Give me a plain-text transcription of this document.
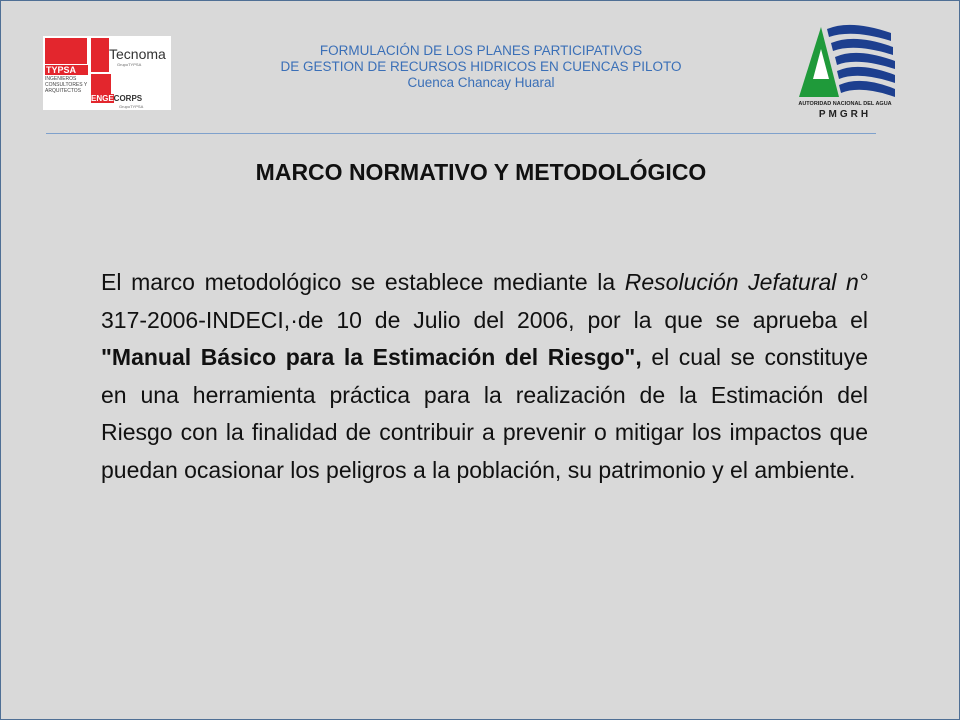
TYPSA
INGENIEROS CONSULTORES Y ARQUITECTOS
Tecnoma
GrupoTYPSA
ENGECORPS
GrupoTYPSA
FORMULACIÓN DE LOS PLANES PARTICIPATIVOS
DE GESTION DE RECURSOS HIDRICOS EN CUENCAS PILOTO
Cuenca Chancay Huaral
AUTORIDAD NACIONAL DEL AGUA
PMGRH
MARCO NORMATIVO Y METODOLÓGICO
El marco metodológico se establece mediante la Resolución Jefatural n° 317-2006-INDECI,·de 10 de Julio del 2006, por la que se aprueba el "Manual Básico para la Estimación del Riesgo", el cual se constituye en una herramienta práctica para la realización de la Estimación del Riesgo con la finalidad de contribuir a prevenir o mitigar los impactos que puedan ocasionar los peligros a la población, su patrimonio y el ambiente.
